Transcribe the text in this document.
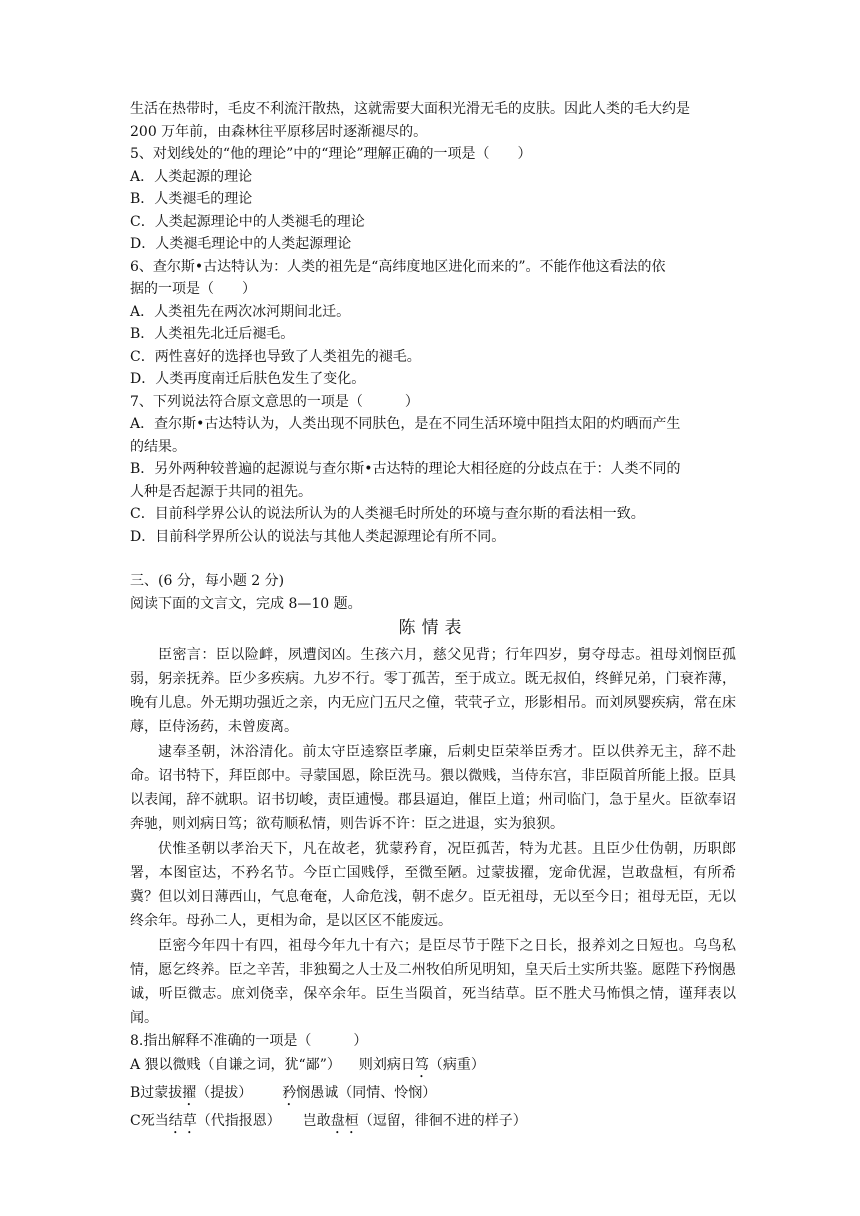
生活在热带时，毛皮不利流汗散热，这就需要大面积光滑无毛的皮肤。因此人类的毛大约是
200 万年前，由森林往平原移居时逐渐褪尽的。
5、对划线处的“他的理论”中的“理论”理解正确的一项是（　　）
A．人类起源的理论
B．人类褪毛的理论
C．人类起源理论中的人类褪毛的理论
D．人类褪毛理论中的人类起源理论
6、查尔斯•古达特认为：人类的祖先是“高纬度地区进化而来的”。不能作他这看法的依
据的一项是（　　）
A．人类祖先在两次冰河期间北迁。
B．人类祖先北迁后褪毛。
C．两性喜好的选择也导致了人类祖先的褪毛。
D．人类再度南迁后肤色发生了变化。
7、下列说法符合原文意思的一项是（　　　）
A．查尔斯•古达特认为，人类出现不同肤色，是在不同生活环境中阻挡太阳的灼晒而产生
的结果。
B．另外两种较普遍的起源说与查尔斯•古达特的理论大相径庭的分歧点在于：人类不同的
人种是否起源于共同的祖先。
C．目前科学界公认的说法所认为的人类褪毛时所处的环境与查尔斯的看法相一致。
D．目前科学界所公认的说法与其他人类起源理论有所不同。
三、(6 分，每小题 2 分)
阅读下面的文言文，完成 8—10 题。
陈情表

臣密言：臣以险衅，夙遭闵凶。生孩六月，慈父见背；行年四岁，舅夺母志。祖母刘悯臣孤弱，躬亲抚养。臣少多疾病。九岁不行。零丁孤苦，至于成立。既无叔伯，终鲜兄弟，门衰祚薄，晚有儿息。外无期功强近之亲，内无应门五尺之僮，茕茕孑立，形影相吊。而刘夙婴疾病，常在床蓐，臣侍汤药，未曾废离。

逮奉圣朝，沐浴清化。前太守臣逵察臣孝廉，后刺史臣荣举臣秀才。臣以供养无主，辞不赴命。诏书特下，拜臣郎中。寻蒙国恩，除臣洗马。猥以微贱，当侍东宫，非臣陨首所能上报。臣具以表闻，辞不就职。诏书切峻，责臣逋慢。郡县逼迫，催臣上道；州司临门，急于星火。臣欲奉诏奔驰，则刘病日笃；欲苟顺私情，则告诉不许：臣之进退，实为狼狈。

伏惟圣朝以孝治天下，凡在故老，犹蒙矜育，况臣孤苦，特为尤甚。且臣少仕伪朝，历职郎署，本图宦达，不矜名节。今臣亡国贱俘，至微至陋。过蒙拔擢，宠命优渥，岂敢盘桓，有所希冀？但以刘日薄西山，气息奄奄，人命危浅，朝不虑夕。臣无祖母，无以至今日；祖母无臣，无以终余年。母孙二人，更相为命，是以区区不能废远。

臣密今年四十有四，祖母今年九十有六；是臣尽节于陛下之日长，报养刘之日短也。乌鸟私情，愿乞终养。臣之辛苦，非独蜀之人士及二州牧伯所见明知，皇天后土实所共鉴。愿陛下矜悯愚诚，听臣微志。庶刘侥幸，保卒余年。臣生当陨首，死当结草。臣不胜犬马怖惧之情，谨拜表以闻。

8.指出解释不准确的一项是（　　　）
A 猥以微贱（自谦之词，犹“鄙”） 则刘病日笃（病重）
B过蒙拔擢（提拔） 矜悯愚诚（同情、怜悯）
C死当结草（代指报恩） 岂敢盘桓（逗留，徘徊不进的样子）
